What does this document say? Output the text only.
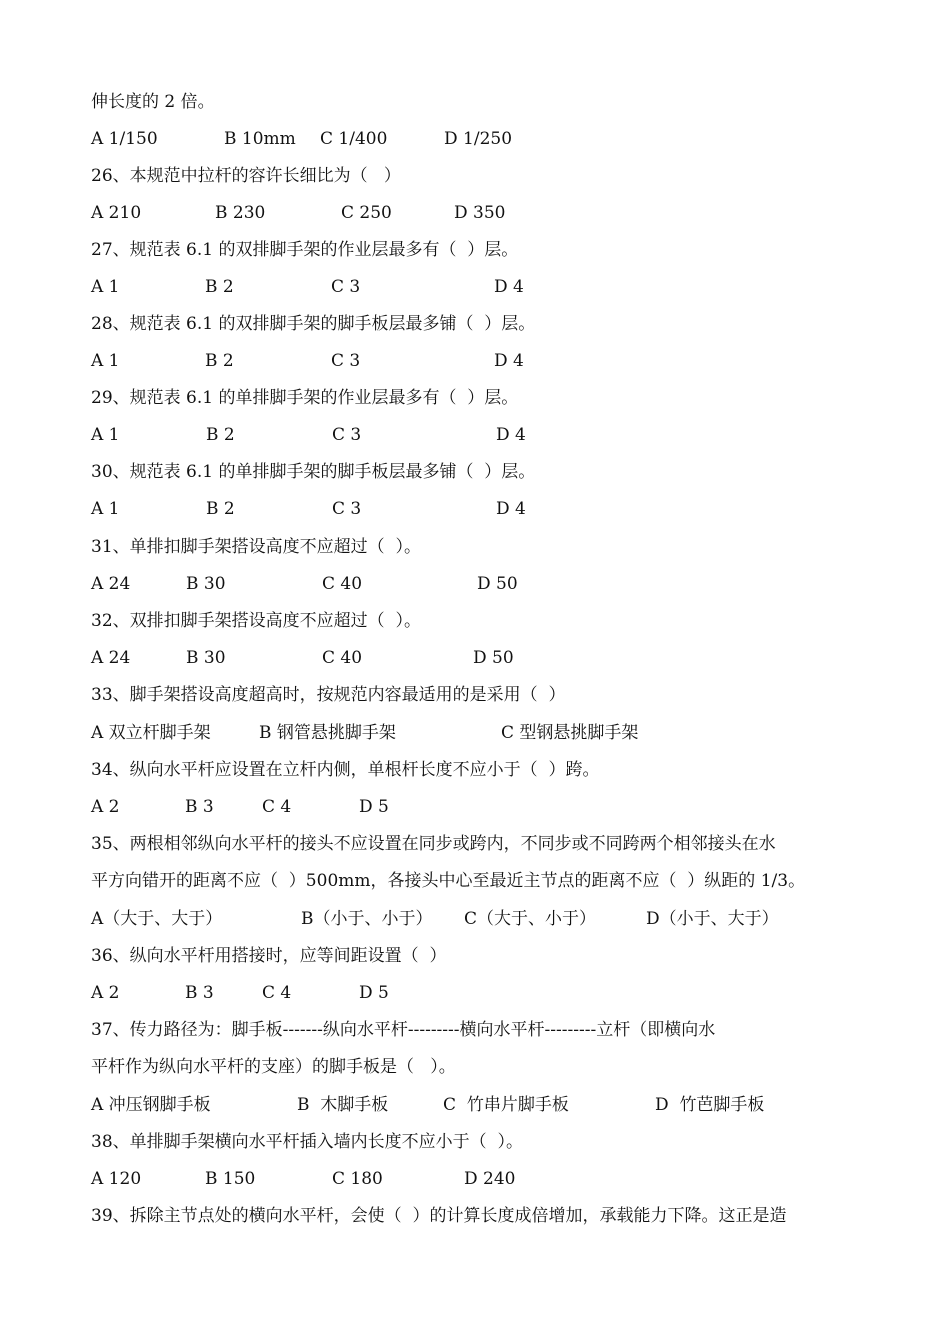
伸长度的 2 倍。
A 1/150	B 10mm C 1/400	D 1/250
26、本规范中拉杆的容许长细比为（   ）
A 210	B 230	C 250	D 350
27、规范表 6.1 的双排脚手架的作业层最多有（  ）层。
A 1	B 2	C 3	D 4
28、规范表 6.1 的双排脚手架的脚手板层最多铺（  ）层。
A 1	B 2	C 3	D 4
29、规范表 6.1 的单排脚手架的作业层最多有（  ）层。
A 1	B 2	C 3	D 4
30、规范表 6.1 的单排脚手架的脚手板层最多铺（  ）层。
A 1	B 2	C 3	D 4
31、单排扣脚手架搭设高度不应超过（  ）。
A 24	B 30	C 40	D 50
32、双排扣脚手架搭设高度不应超过（  ）。
A 24	B 30	C 40	D 50
33、脚手架搭设高度超高时，按规范内容最适用的是采用（  ）
A 双立杆脚手架	B 钢管悬挑脚手架	C 型钢悬挑脚手架
34、纵向水平杆应设置在立杆内侧，单根杆长度不应小于（  ）跨。
A 2	B 3	C 4	D 5
35、两根相邻纵向水平杆的接头不应设置在同步或跨内，不同步或不同跨两个相邻接头在水
平方向错开的距离不应（  ）500mm，各接头中心至最近主节点的距离不应（  ）纵距的 1/3。
A（大于、大于）	B（小于、小于） C（大于、小于）	D（小于、大于）
36、纵向水平杆用搭接时，应等间距设置（  ）
A 2	B 3	C 4	D 5
37、传力路径为：脚手板-------纵向水平杆---------横向水平杆---------立杆（即横向水
平杆作为纵向水平杆的支座）的脚手板是（   ）。
A 冲压钢脚手板	B  木脚手板	C  竹串片脚手板	D  竹芭脚手板
38、单排脚手架横向水平杆插入墙内长度不应小于（  ）。
A 120	B 150	C 180	D 240
39、拆除主节点处的横向水平杆，会使（  ）的计算长度成倍增加，承载能力下降。这正是造
